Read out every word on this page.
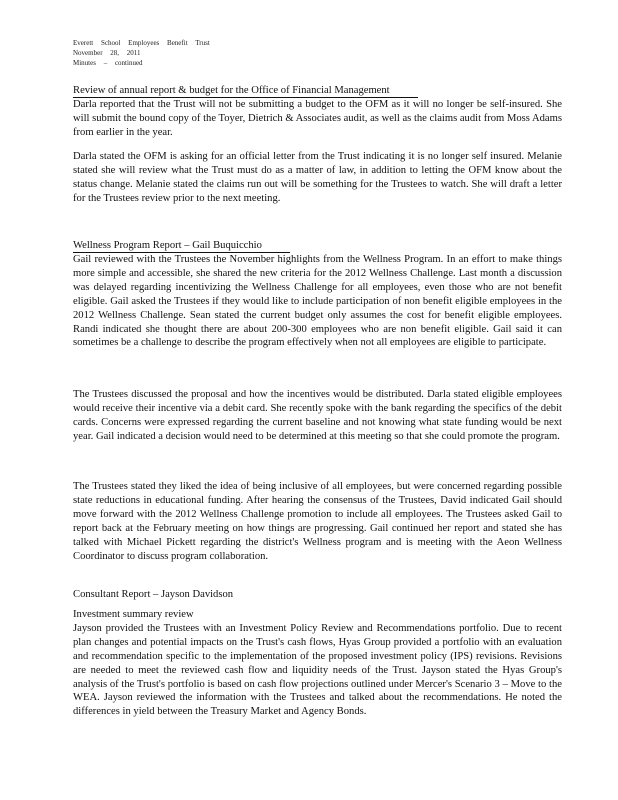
Everett School Employees Benefit Trust
November 28, 2011
Minutes – continued
Review of annual report & budget for the Office of Financial Management

Darla reported that the Trust will not be submitting a budget to the OFM as it will no longer be self-insured. She will submit the bound copy of the Toyer, Dietrich & Associates audit, as well as the claims audit from Moss Adams from earlier in the year.

Darla stated the OFM is asking for an official letter from the Trust indicating it is no longer self insured. Melanie stated she will review what the Trust must do as a matter of law, in addition to letting the OFM know about the status change. Melanie stated the claims run out will be something for the Trustees to watch. She will draft a letter for the Trustees review prior to the next meeting.

Wellness Program Report – Gail Buquicchio

Gail reviewed with the Trustees the November highlights from the Wellness Program. In an effort to make things more simple and accessible, she shared the new criteria for the 2012 Wellness Challenge. Last month a discussion was delayed regarding incentivizing the Wellness Challenge for all employees, even those who are not benefit eligible. Gail asked the Trustees if they would like to include participation of non benefit eligible employees in the 2012 Wellness Challenge. Sean stated the current budget only assumes the cost for benefit eligible employees. Randi indicated she thought there are about 200-300 employees who are non benefit eligible. Gail said it can sometimes be a challenge to describe the program effectively when not all employees are eligible to participate.

The Trustees discussed the proposal and how the incentives would be distributed. Darla stated eligible employees would receive their incentive via a debit card. She recently spoke with the bank regarding the specifics of the debit cards. Concerns were expressed regarding the current baseline and not knowing what state funding would be next year. Gail indicated a decision would need to be determined at this meeting so that she could promote the program.

The Trustees stated they liked the idea of being inclusive of all employees, but were concerned regarding possible state reductions in educational funding. After hearing the consensus of the Trustees, David indicated Gail should move forward with the 2012 Wellness Challenge promotion to include all employees. The Trustees asked Gail to report back at the February meeting on how things are progressing. Gail continued her report and stated she has talked with Michael Pickett regarding the district's Wellness program and is meeting with the Aeon Wellness Coordinator to discuss program collaboration.

Consultant Report – Jayson Davidson

Investment summary review

Jayson provided the Trustees with an Investment Policy Review and Recommendations portfolio. Due to recent plan changes and potential impacts on the Trust's cash flows, Hyas Group provided a portfolio with an evaluation and recommendation specific to the implementation of the proposed investment policy (IPS) revisions. Revisions are needed to meet the reviewed cash flow and liquidity needs of the Trust. Jayson stated the Hyas Group's analysis of the Trust's portfolio is based on cash flow projections outlined under Mercer's Scenario 3 – Move to the WEA. Jayson reviewed the information with the Trustees and talked about the recommendations. He noted the differences in yield between the Treasury Market and Agency Bonds.
